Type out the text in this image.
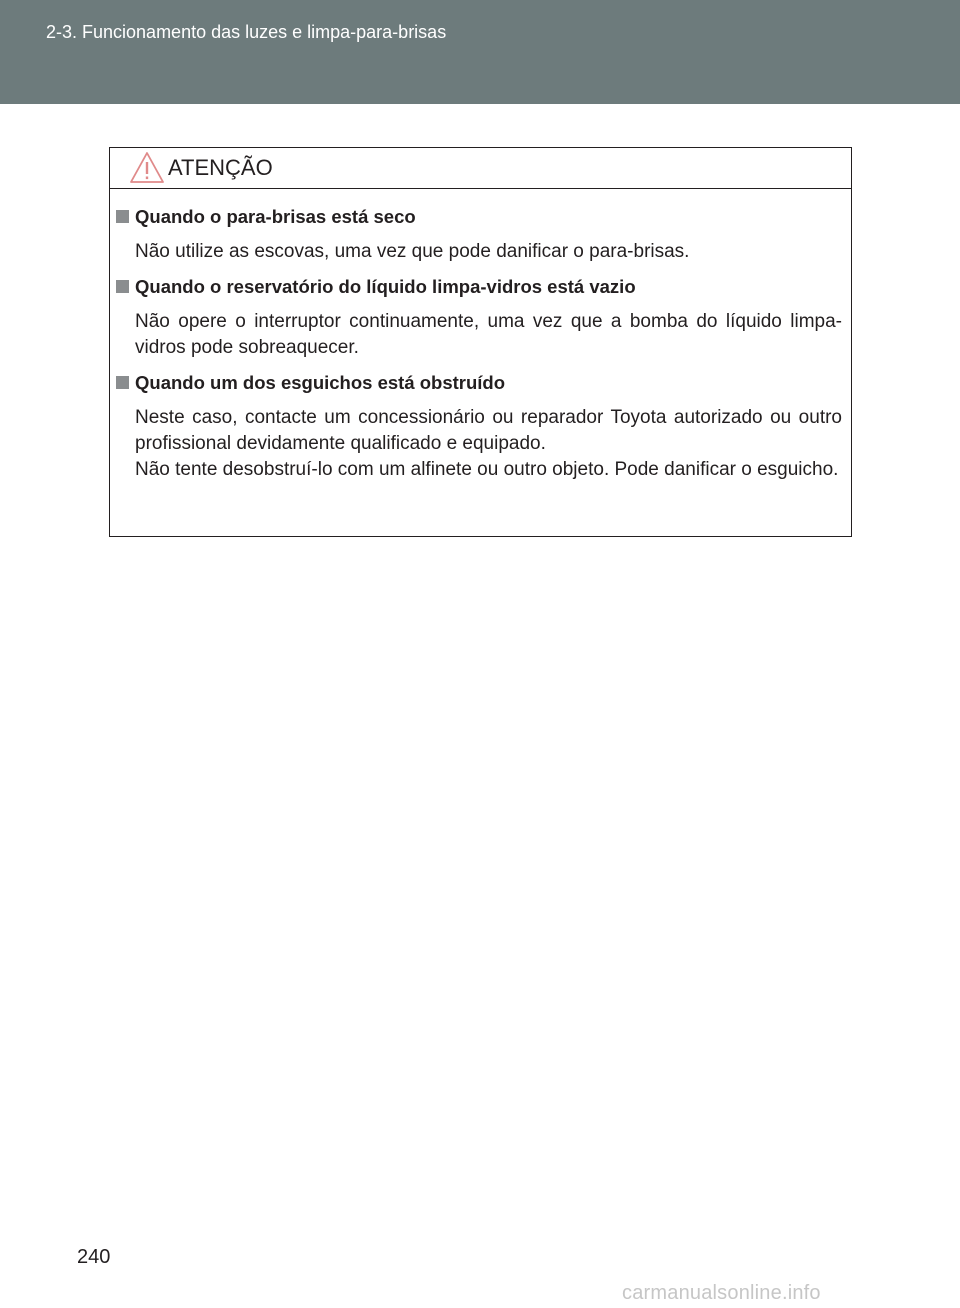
2-3. Funcionamento das luzes e limpa-para-brisas
ATENÇÃO
Quando o para-brisas está seco

Não utilize as escovas, uma vez que pode danificar o para-brisas.

Quando o reservatório do líquido limpa-vidros está vazio

Não opere o interruptor continuamente, uma vez que a bomba do líquido limpa-vidros pode sobreaquecer.

Quando um dos esguichos está obstruído

Neste caso, contacte um concessionário ou reparador Toyota autorizado ou outro profissional devidamente qualificado e equipado.

Não tente desobstruí-lo com um alfinete ou outro objeto. Pode danificar o esguicho.

240
carmanualsonline.info
